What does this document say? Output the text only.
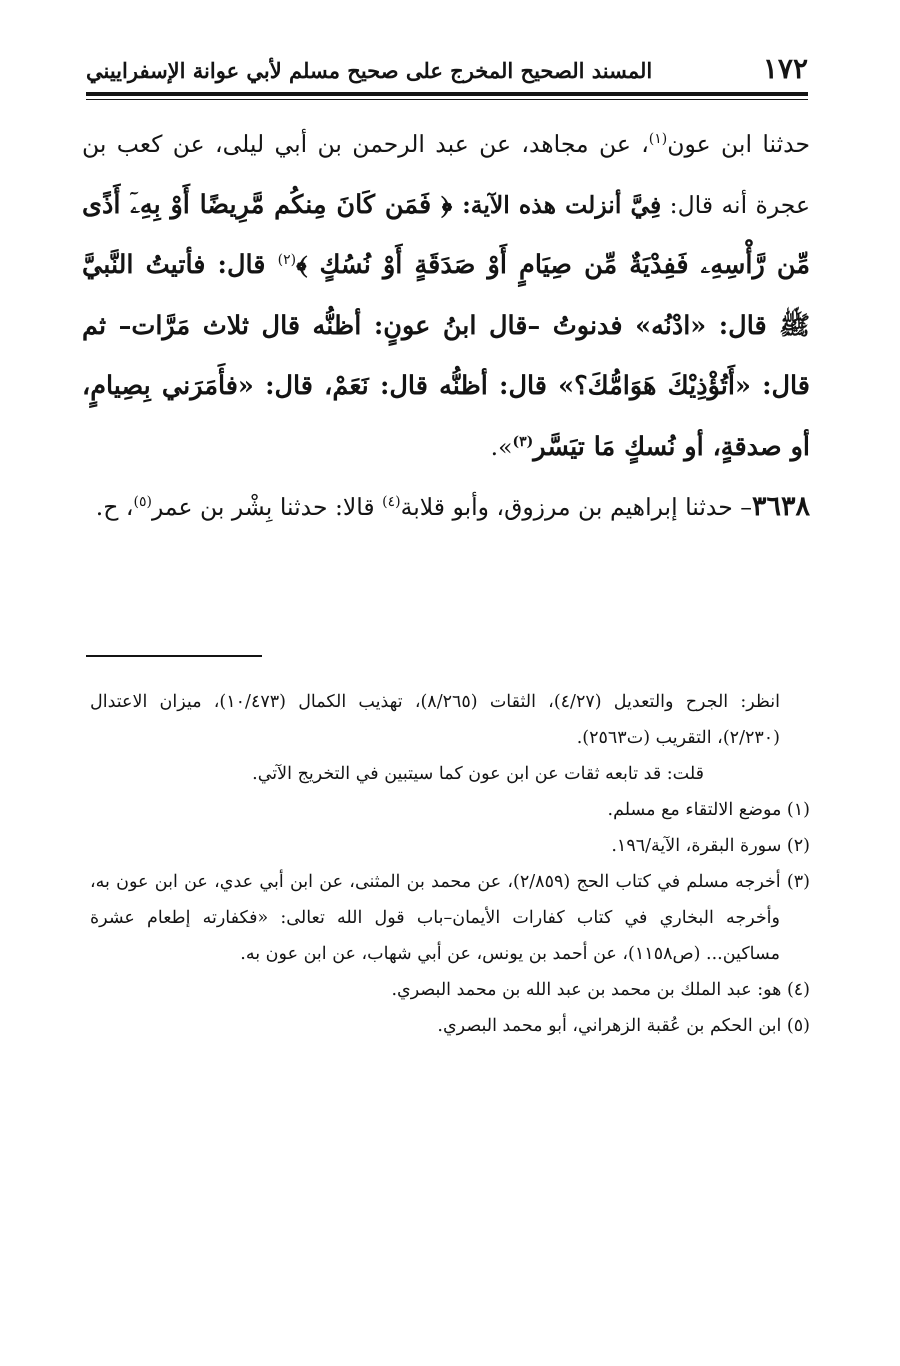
١٧٢
المسند الصحيح المخرج على صحيح مسلم لأبي عوانة الإسفراييني

حدثنا ابن عون$^{(١)}$، عن مجاهد، عن عبد الرحمن بن أبي ليلى، عن كعب بن عجرة أنه قال: فِيَّ أنزلت هذه الآية: ﴿ فَمَن كَانَ مِنكُم مَّرِيضًا أَوْ بِهِۦٓ أَذًى مِّن رَّأْسِهِۦ فَفِدْيَةٌ مِّن صِيَامٍ أَوْ صَدَقَةٍ أَوْ نُسُكٍ ﴾$^{(٢)}$ قال: فأتيتُ النَّبيَّ ﷺ قال: «ادْنُه» فدنوتُ –قال ابنُ عونٍ: أظنُّه قال ثلاث مَرَّات– ثم قال: «أَتُؤْذِيْكَ هَوَامُّكَ؟» قال: أظنُّه قال: نَعَمْ، قال: «فأَمَرَني بِصِيامٍ، أو صدقةٍ، أو نُسكٍ مَا تيَسَّر$^{(٣)}$».

٣٦٣٨– حدثنا إبراهيم بن مرزوق، وأبو قلابة$^{(٤)}$ قالا: حدثنا بِشْر بن عمر$^{(٥)}$، ح.

انظر: الجرح والتعديل (٤/٢٧)، الثقات (٨/٢٦٥)، تهذيب الكمال (١٠/٤٧٣)، ميزان الاعتدال (٢/٢٣٠)، التقريب (ت٢٥٦٣).

قلت: قد تابعه ثقات عن ابن عون كما سيتبين في التخريج الآتي.

(١) موضع الالتقاء مع مسلم.

(٢) سورة البقرة، الآية/١٩٦.

(٣) أخرجه مسلم في كتاب الحج (٢/٨٥٩)، عن محمد بن المثنى، عن ابن أبي عدي، عن ابن عون به، وأخرجه البخاري في كتاب كفارات الأيمان–باب قول الله تعالى: «فكفارته إطعام عشرة مساكين... (ص١١٥٨)، عن أحمد بن يونس، عن أبي شهاب، عن ابن عون به.

(٤) هو: عبد الملك بن محمد بن عبد الله بن محمد البصري.

(٥) ابن الحكم بن عُقبة الزهراني، أبو محمد البصري.
